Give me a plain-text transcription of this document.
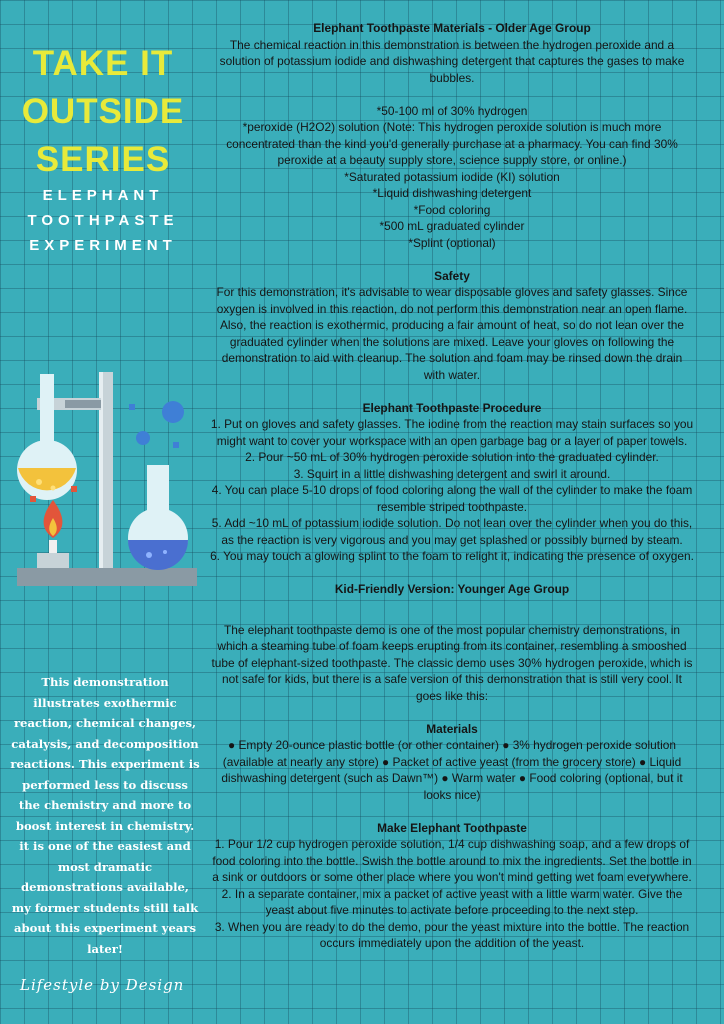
TAKE IT
OUTSIDE
SERIES
ELEPHANT
TOOTHPASTE
EXPERIMENT
This demonstration illustrates exothermic reaction, chemical changes, catalysis, and decomposition reactions. This experiment is performed less to discuss the chemistry and more to boost interest in chemistry. it is one of the easiest and most dramatic demonstrations available, my former students still talk about this experiment years later!
Lifestyle by Design
Elephant Toothpaste Materials - Older Age Group

The chemical reaction in this demonstration is between the hydrogen peroxide and a solution of potassium iodide and dishwashing detergent that captures the gases to make bubbles.

*50-100 ml of 30% hydrogen

*peroxide (H2O2) solution (Note: This hydrogen peroxide solution is much more concentrated than the kind you'd generally purchase at a pharmacy. You can find 30% peroxide at a beauty supply store, science supply store, or online.)

*Saturated potassium iodide (KI) solution

*Liquid dishwashing detergent

*Food coloring

*500 mL graduated cylinder

*Splint (optional)

Safety

For this demonstration, it's advisable to wear disposable gloves and safety glasses. Since oxygen is involved in this reaction, do not perform this demonstration near an open flame. Also, the reaction is exothermic, producing a fair amount of heat, so do not lean over the graduated cylinder when the solutions are mixed. Leave your gloves on following the demonstration to aid with cleanup. The solution and foam may be rinsed down the drain with water.

Elephant Toothpaste Procedure
1. Put on gloves and safety glasses. The iodine from the reaction may stain surfaces so you might want to cover your workspace with an open garbage bag or a layer of paper towels.
2. Pour ~50 mL of 30% hydrogen peroxide solution into the graduated cylinder.
3. Squirt in a little dishwashing detergent and swirl it around.
4. You can place 5-10 drops of food coloring along the wall of the cylinder to make the foam resemble striped toothpaste.
5. Add ~10 mL of potassium iodide solution. Do not lean over the cylinder when you do this, as the reaction is very vigorous and you may get splashed or possibly burned by steam.
6. You may touch a glowing splint to the foam to relight it, indicating the presence of oxygen.
Kid-Friendly Version: Younger Age Group

The elephant toothpaste demo is one of the most popular chemistry demonstrations, in which a steaming tube of foam keeps erupting from its container, resembling a smooshed tube of elephant-sized toothpaste. The classic demo uses 30% hydrogen peroxide, which is not safe for kids, but there is a safe version of this demonstration that is still very cool. It goes like this:

Materials

● Empty 20-ounce plastic bottle (or other container) ● 3% hydrogen peroxide solution (available at nearly any store) ● Packet of active yeast (from the grocery store) ● Liquid dishwashing detergent (such as Dawn™) ● Warm water ● Food coloring (optional, but it looks nice)

Make Elephant Toothpaste
1. Pour 1/2 cup hydrogen peroxide solution, 1/4 cup dishwashing soap, and a few drops of food coloring into the bottle. Swish the bottle around to mix the ingredients. Set the bottle in a sink or outdoors or some other place where you won't mind getting wet foam everywhere.
2. In a separate container, mix a packet of active yeast with a little warm water. Give the yeast about five minutes to activate before proceeding to the next step.
3. When you are ready to do the demo, pour the yeast mixture into the bottle. The reaction occurs immediately upon the addition of the yeast.
